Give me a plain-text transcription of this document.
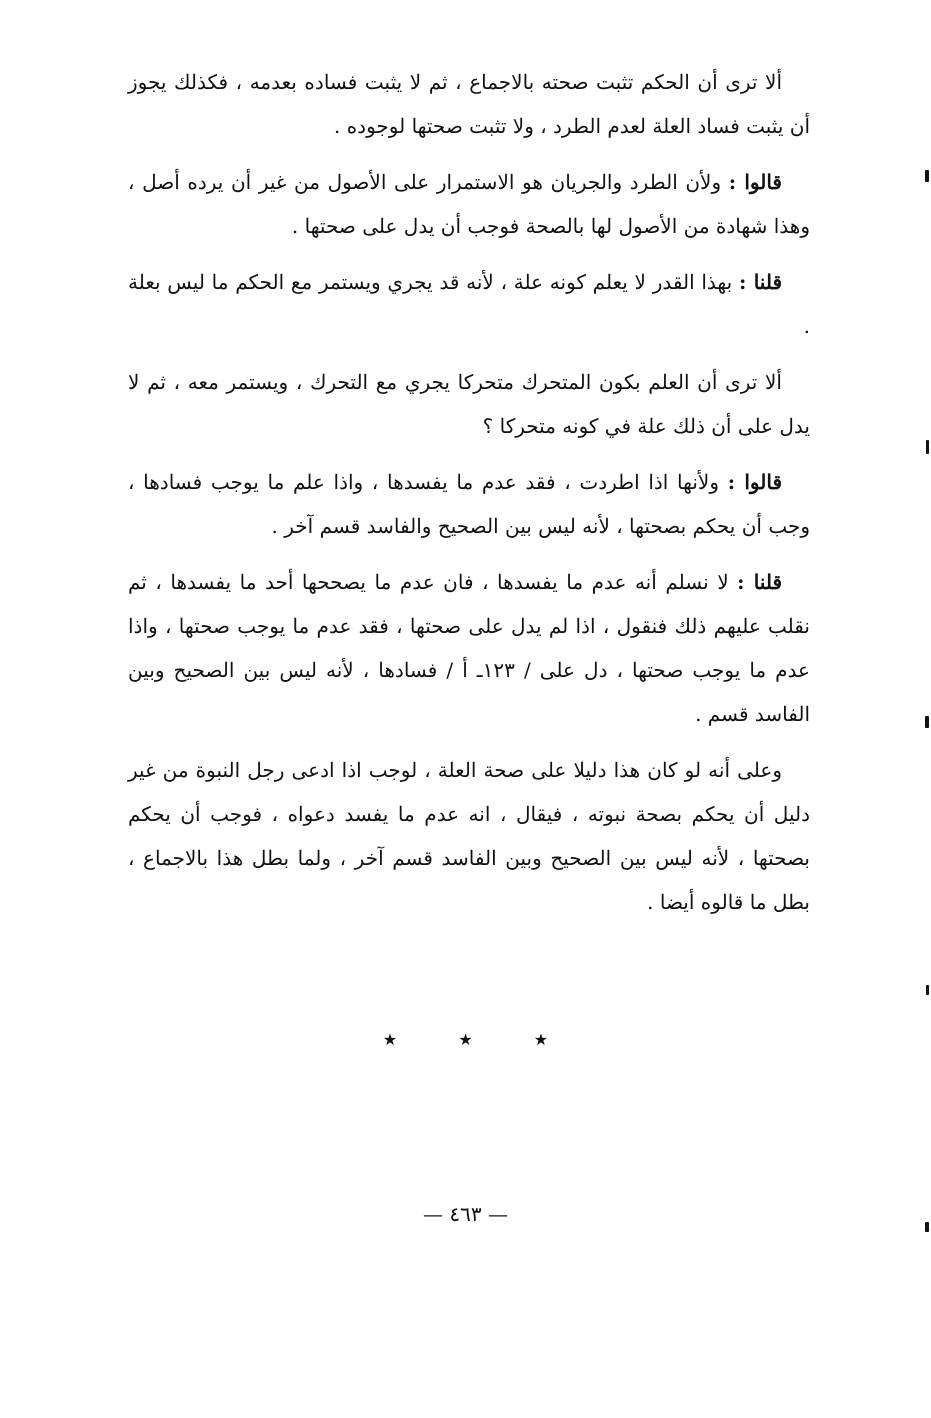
ألا ترى أن الحكم تثبت صحته بالاجماع ، ثم لا يثبت فساده بعدمه ، فكذلك يجوز أن يثبت فساد العلة لعدم الطرد ، ولا تثبت صحتها لوجوده .

قالوا : ولأن الطرد والجريان هو الاستمرار على الأصول من غير أن يرده أصل ، وهذا شهادة من الأصول لها بالصحة فوجب أن يدل على صحتها .

قلنا : بهذا القدر لا يعلم كونه علة ، لأنه قد يجري ويستمر مع الحكم ما ليس بعلة .

ألا ترى أن العلم بكون المتحرك متحركا يجري مع التحرك ، ويستمر معه ، ثم لا يدل على أن ذلك علة في كونه متحركا ؟

قالوا : ولأنها اذا اطردت ، فقد عدم ما يفسدها ، واذا علم ما يوجب فسادها ، وجب أن يحكم بصحتها ، لأنه ليس بين الصحيح والفاسد قسم آخر .

قلنا : لا نسلم أنه عدم ما يفسدها ، فان عدم ما يصححها أحد ما يفسدها ، ثم نقلب عليهم ذلك فنقول ، اذا لم يدل على صحتها ، فقد عدم ما يوجب صحتها ، واذا عدم ما يوجب صحتها ، دل على / ١٢٣ـ أ / فسادها ، لأنه ليس بين الصحيح وبين الفاسد قسم .

وعلى أنه لو كان هذا دليلا على صحة العلة ، لوجب اذا ادعى رجل النبوة من غير دليل أن يحكم بصحة نبوته ، فيقال ، انه عدم ما يفسد دعواه ، فوجب أن يحكم بصحتها ، لأنه ليس بين الصحيح وبين الفاسد قسم آخر ، ولما بطل هذا بالاجماع ، بطل ما قالوه أيضا .

★ ★ ★
— ٤٦٣ —
